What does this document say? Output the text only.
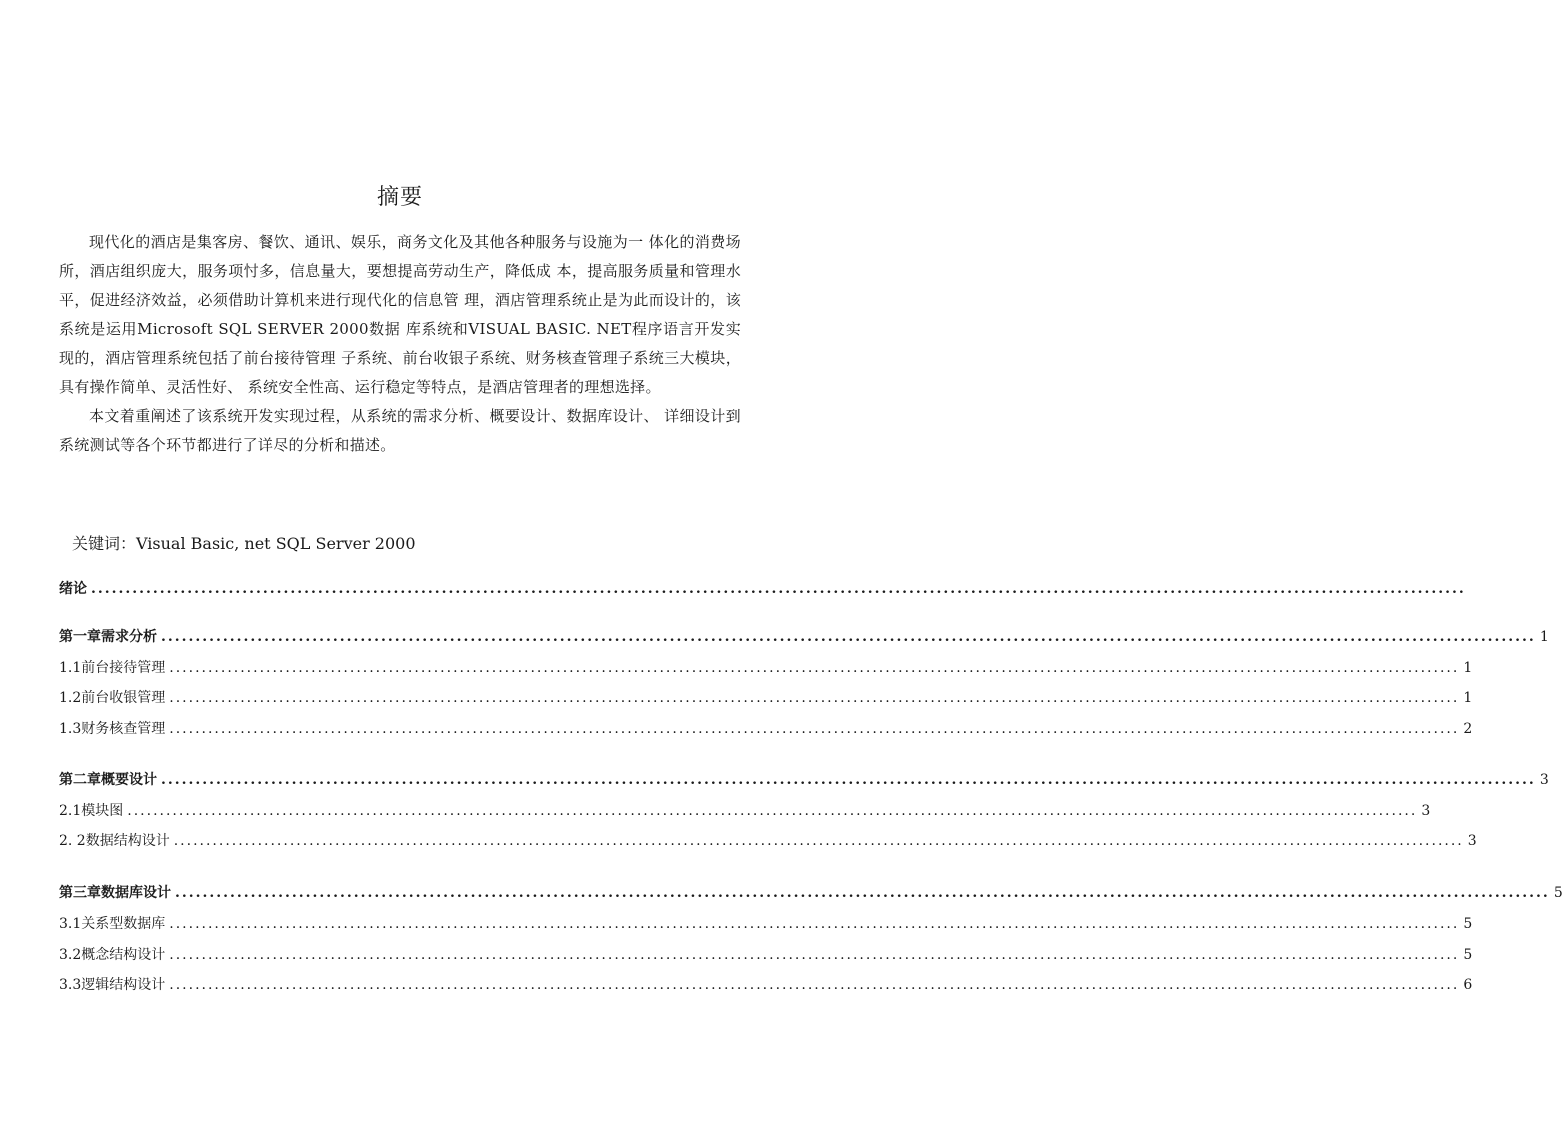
摘要

现代化的酒店是集客房、餐饮、通讯、娱乐，商务文化及其他各种服务与设施为一 体化的消费场所，酒店组织庞大，服务项忖多，信息量大，要想提高劳动生产，降低成 本，提高服务质量和管理水平，促进经济效益，必须借助计算机来进行现代化的信息管 理，酒店管理系统止是为此而设计的，该系统是运用Microsoft SQL SERVER 2000数据 库系统和VISUAL BASIC. NET程序语言开发实现的，酒店管理系统包括了前台接待管理 子系统、前台收银子系统、财务核查管理子系统三大模块，具有操作简单、灵活性好、 系统安全性高、运行稳定等特点，是酒店管理者的理想选择。

本文着重阐述了该系统开发实现过程，从系统的需求分析、概要设计、数据库设计、 详细设计到系统测试等各个环节都进行了详尽的分析和描述。

关键词：Visual Basic, net SQL Server 2000
绪论 ........................................................................................................................................................................................................
第一章需求分析 ........................................................................................................................................................................................................ 1
1.1前台接待管理 ........................................................................................................................................................................................................ 1
1.2前台收银管理 ........................................................................................................................................................................................................ 1
1.3财务核查管理 ........................................................................................................................................................................................................ 2
第二章概要设计 ........................................................................................................................................................................................................ 3
2.1模块图 ........................................................................................................................................................................................................ 3
2. 2数据结构设计 ........................................................................................................................................................................................................ 3
第三章数据库设计 ........................................................................................................................................................................................................ 5
3.1关系型数据库 ........................................................................................................................................................................................................ 5
3.2概念结构设计 ........................................................................................................................................................................................................ 5
3.3逻辑结构设计 ........................................................................................................................................................................................................ 6
